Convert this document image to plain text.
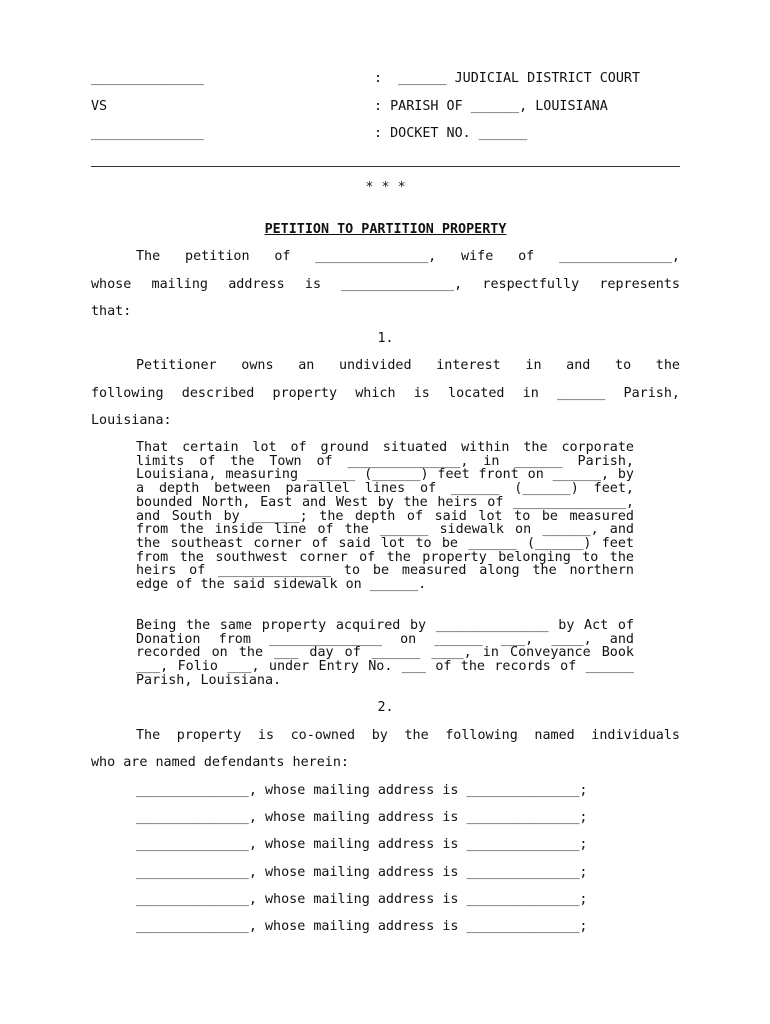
______________	:  ______ JUDICIAL DISTRICT COURT
VS	: PARISH OF ______, LOUISIANA
______________	: DOCKET NO. ______
* * *
PETITION TO PARTITION PROPERTY
The petition of ______________, wife of ______________,
whose mailing address is ______________, respectfully represents
that:
1.
Petitioner owns an undivided interest in and to the
following described property which is located in ______ Parish,
Louisiana:

That certain lot of ground situated within the corporate limits of the Town of ______________, in ______ Parish, Louisiana, measuring ______ (______) feet front on ______, by a depth between parallel lines of ______ (______) feet, bounded North, East and West by the heirs of ______________, and South by ______; the depth of said lot to be measured from the inside line of the ______ sidewalk on ______, and the southeast corner of said lot to be ______ (______) feet from the southwest corner of the property belonging to the heirs of ______________ to be measured along the northern edge of the said sidewalk on ______.

Being the same property acquired by ______________ by Act of Donation from ______________ on ______ ___, ____, and recorded on the ___ day of ______ ____, in Conveyance Book ___, Folio ___, under Entry No. ___ of the records of ______ Parish, Louisiana.

2.
The property is co-owned by the following named individuals
who are named defendants herein:
______________, whose mailing address is ______________;
______________, whose mailing address is ______________;
______________, whose mailing address is ______________;
______________, whose mailing address is ______________;
______________, whose mailing address is ______________;
______________, whose mailing address is ______________;
